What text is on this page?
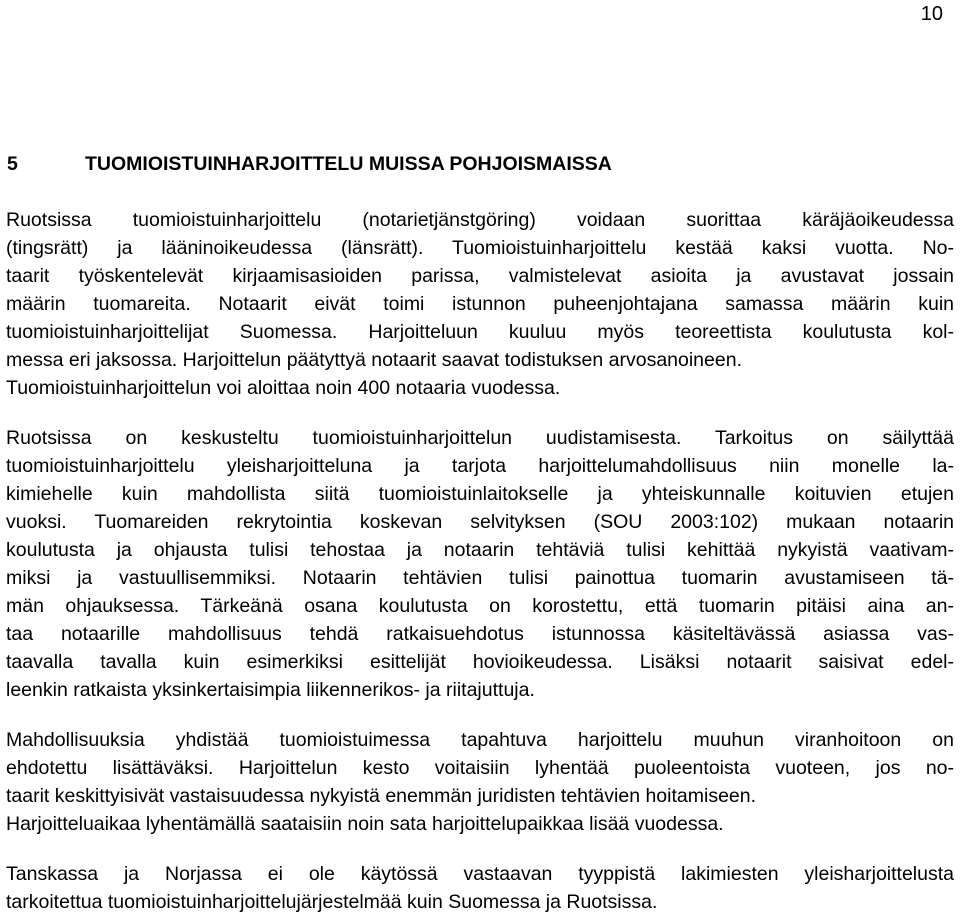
10
5	TUOMIOISTUINHARJOITTELU MUISSA POHJOISMAISSA
Ruotsissa tuomioistuinharjoittelu (notarietjänstgöring) voidaan suorittaa käräjäoikeudessa
(tingsrätt) ja lääninoikeudessa (länsrätt). Tuomioistuinharjoittelu kestää kaksi vuotta. No-
taarit työskentelevät kirjaamisasioiden parissa, valmistelevat asioita ja avustavat jossain
määrin tuomareita. Notaarit eivät toimi istunnon puheenjohtajana samassa määrin kuin
tuomioistuinharjoittelijat Suomessa. Harjoitteluun kuuluu myös teoreettista koulutusta kol-
messa eri jaksossa. Harjoittelun päätyttyä notaarit saavat todistuksen arvosanoineen.
Tuomioistuinharjoittelun voi aloittaa noin 400 notaaria vuodessa.
Ruotsissa on keskusteltu tuomioistuinharjoittelun uudistamisesta. Tarkoitus on säilyttää
tuomioistuinharjoittelu yleisharjoitteluna ja tarjota harjoittelumahdollisuus niin monelle la-
kimiehelle kuin mahdollista siitä tuomioistuinlaitokselle ja yhteiskunnalle koituvien etujen
vuoksi. Tuomareiden rekrytointia koskevan selvityksen (SOU 2003:102) mukaan notaarin
koulutusta ja ohjausta tulisi tehostaa ja notaarin tehtäviä tulisi kehittää nykyistä vaativam-
miksi ja vastuullisemmiksi. Notaarin tehtävien tulisi painottua tuomarin avustamiseen tä-
män ohjauksessa. Tärkeänä osana koulutusta on korostettu, että tuomarin pitäisi aina an-
taa notaarille mahdollisuus tehdä ratkaisuehdotus istunnossa käsiteltävässä asiassa vas-
taavalla tavalla kuin esimerkiksi esittelijät hovioikeudessa. Lisäksi notaarit saisivat edel-
leenkin ratkaista yksinkertaisimpia liikennerikos- ja riitajuttuja.
Mahdollisuuksia yhdistää tuomioistuimessa tapahtuva harjoittelu muuhun viranhoitoon on
ehdotettu lisättäväksi. Harjoittelun kesto voitaisiin lyhentää puoleentoista vuoteen, jos no-
taarit keskittyisivät vastaisuudessa nykyistä enemmän juridisten tehtävien hoitamiseen.
Harjoitteluaikaa lyhentämällä saataisiin noin sata harjoittelupaikkaa lisää vuodessa.
Tanskassa ja Norjassa ei ole käytössä vastaavan tyyppistä lakimiesten yleisharjoittelusta
tarkoitettua tuomioistuinharjoittelujärjestelmää kuin Suomessa ja Ruotsissa.
